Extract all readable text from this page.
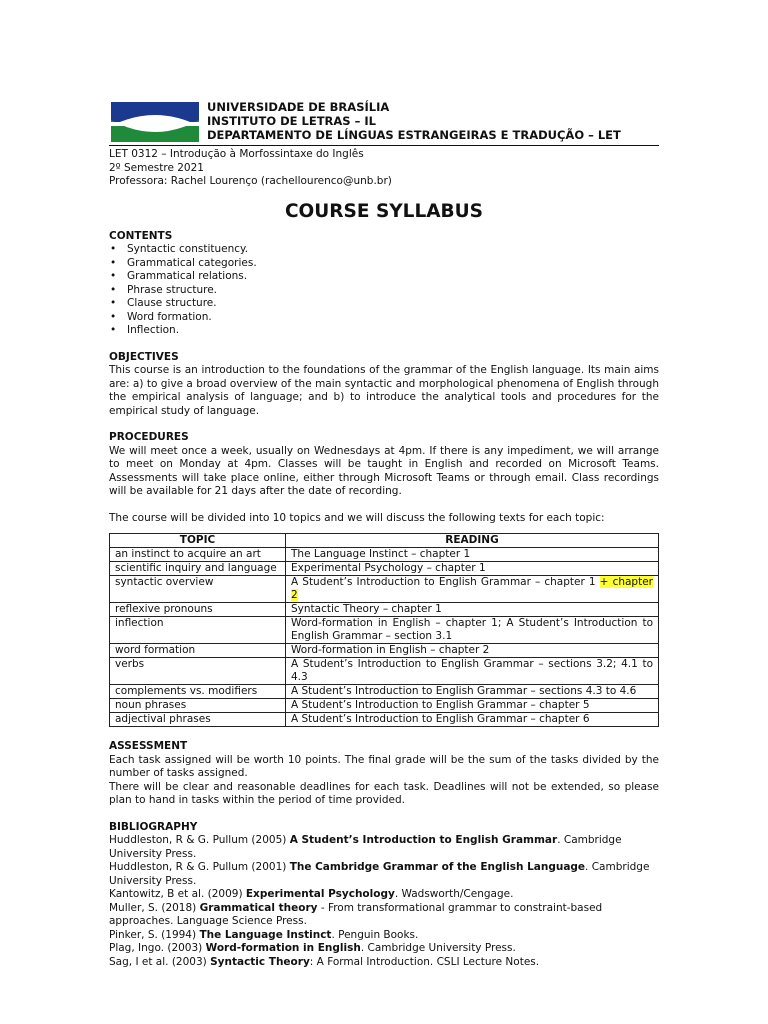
UNIVERSIDADE DE BRASÍLIA
INSTITUTO DE LETRAS – IL
DEPARTAMENTO DE LÍNGUAS ESTRANGEIRAS E TRADUÇÃO – LET
LET 0312 – Introdução à Morfossintaxe do Inglês
2º Semestre 2021
Professora: Rachel Lourenço (rachellourenco@unb.br)
COURSE SYLLABUS
CONTENTS
• Syntactic constituency.
• Grammatical categories.
• Grammatical relations.
• Phrase structure.
• Clause structure.
• Word formation.
• Inflection.
OBJECTIVES

This course is an introduction to the foundations of the grammar of the English language. Its main aims are: a) to give a broad overview of the main syntactic and morphological phenomena of English through the empirical analysis of language; and b) to introduce the analytical tools and procedures for the empirical study of language.

PROCEDURES

We will meet once a week, usually on Wednesdays at 4pm. If there is any impediment, we will arrange to meet on Monday at 4pm. Classes will be taught in English and recorded on Microsoft Teams. Assessments will take place online, either through Microsoft Teams or through email. Class recordings will be available for 21 days after the date of recording.

The course will be divided into 10 topics and we will discuss the following texts for each topic:

TOPIC	READING
an instinct to acquire an art	The Language Instinct – chapter 1
scientific inquiry and language	Experimental Psychology – chapter 1
syntactic overview	A Student’s Introduction to English Grammar – chapter 1 + chapter 2
reflexive pronouns	Syntactic Theory – chapter 1
inflection	Word-formation in English – chapter 1; A Student’s Introduction to English Grammar – section 3.1
word formation	Word-formation in English – chapter 2
verbs	A Student’s Introduction to English Grammar – sections 3.2; 4.1 to 4.3
complements vs. modifiers	A Student’s Introduction to English Grammar – sections 4.3 to 4.6
noun phrases	A Student’s Introduction to English Grammar – chapter 5
adjectival phrases	A Student’s Introduction to English Grammar – chapter 6
ASSESSMENT

Each task assigned will be worth 10 points. The final grade will be the sum of the tasks divided by the number of tasks assigned.

There will be clear and reasonable deadlines for each task. Deadlines will not be extended, so please plan to hand in tasks within the period of time provided.

BIBLIOGRAPHY
Huddleston, R & G. Pullum (2005) A Student’s Introduction to English Grammar. Cambridge University Press.
Huddleston, R & G. Pullum (2001) The Cambridge Grammar of the English Language. Cambridge University Press.
Kantowitz, B et al. (2009) Experimental Psychology. Wadsworth/Cengage.
Muller, S. (2018) Grammatical theory - From transformational grammar to constraint-based approaches. Language Science Press.
Pinker, S. (1994) The Language Instinct. Penguin Books.
Plag, Ingo. (2003) Word-formation in English. Cambridge University Press.
Sag, I et al. (2003) Syntactic Theory: A Formal Introduction. CSLI Lecture Notes.
